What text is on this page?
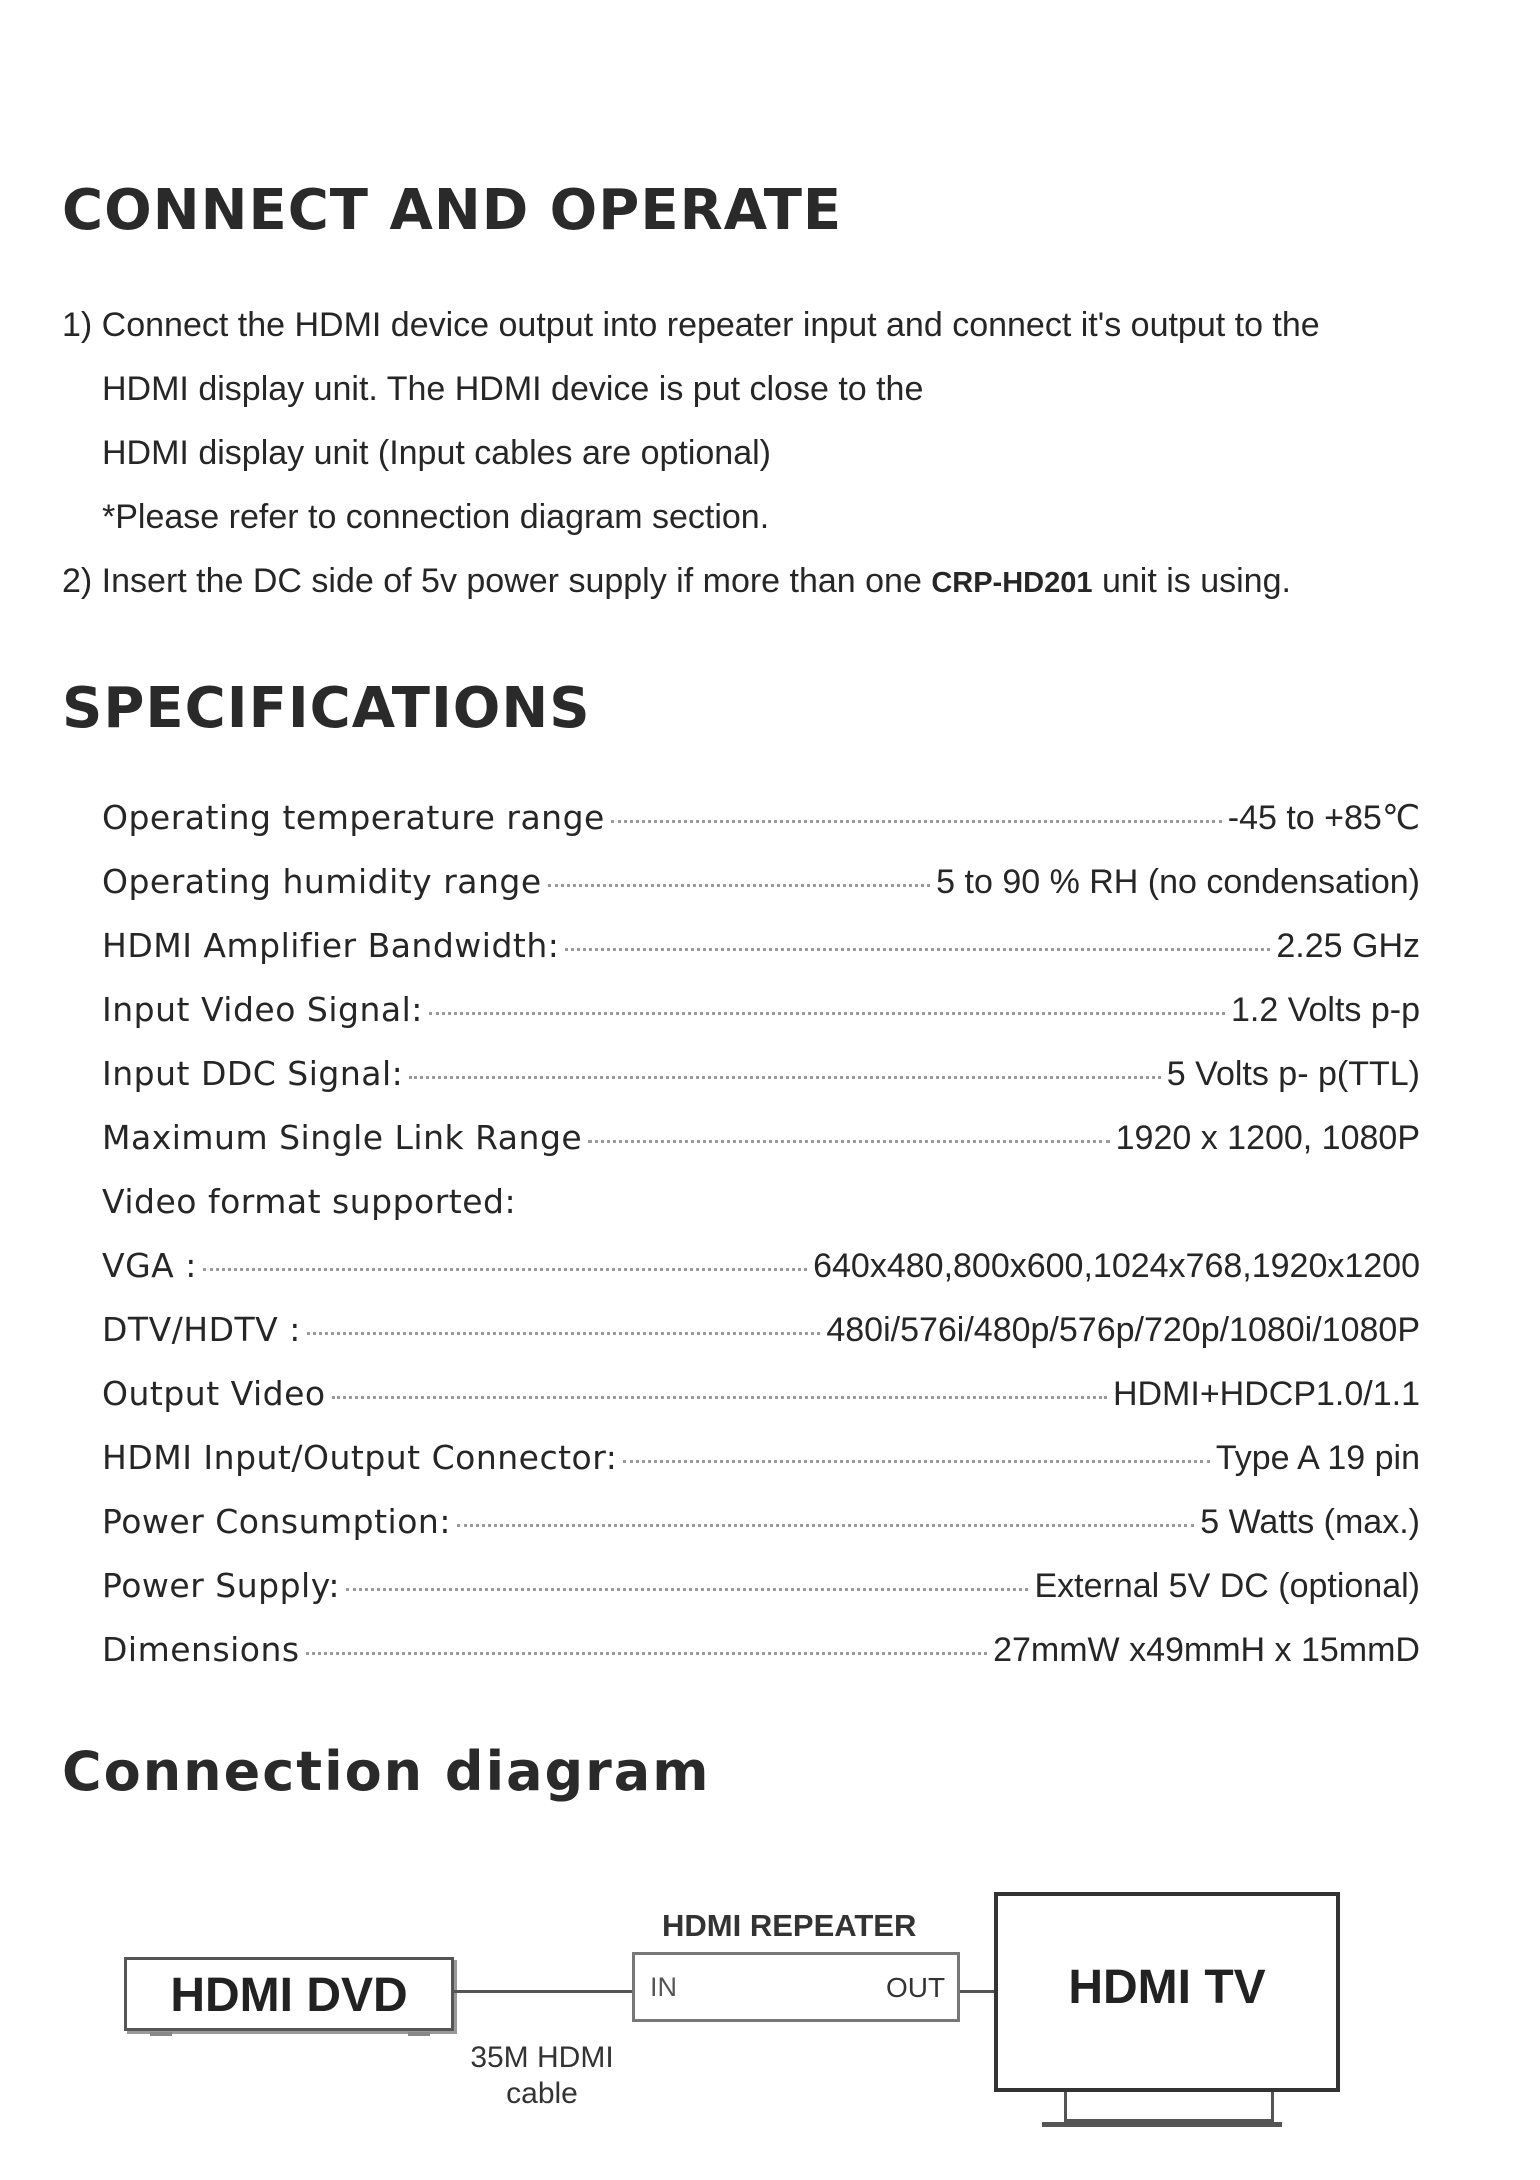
CONNECT AND OPERATE
1) Connect the HDMI device output into repeater input and connect it's output to the
HDMI display unit. The HDMI device is put close to the
HDMI display unit (Input cables are optional)
*Please refer to connection diagram section.
2) Insert the DC side of 5v power supply if more than one CRP-HD201 unit is using.
SPECIFICATIONS
Operating temperature range	-45 to +85℃
Operating humidity range	5 to 90 % RH (no condensation)
HDMI Amplifier Bandwidth:	2.25 GHz
Input Video Signal:	1.2 Volts p-p
Input DDC Signal:	5 Volts p- p(TTL)
Maximum Single Link Range	1920 x 1200, 1080P
Video format supported:
VGA :	640x480,800x600,1024x768,1920x1200
DTV/HDTV :	480i/576i/480p/576p/720p/1080i/1080P
Output Video	HDMI+HDCP1.0/1.1
HDMI Input/Output Connector:	Type A 19 pin
Power Consumption:	5 Watts (max.)
Power Supply:	External 5V DC (optional)
Dimensions	27mmW x49mmH x 15mmD
Connection diagram
HDMI DVD
HDMI REPEATER
IN	OUT	HDMI TV
35M HDMI
cable
